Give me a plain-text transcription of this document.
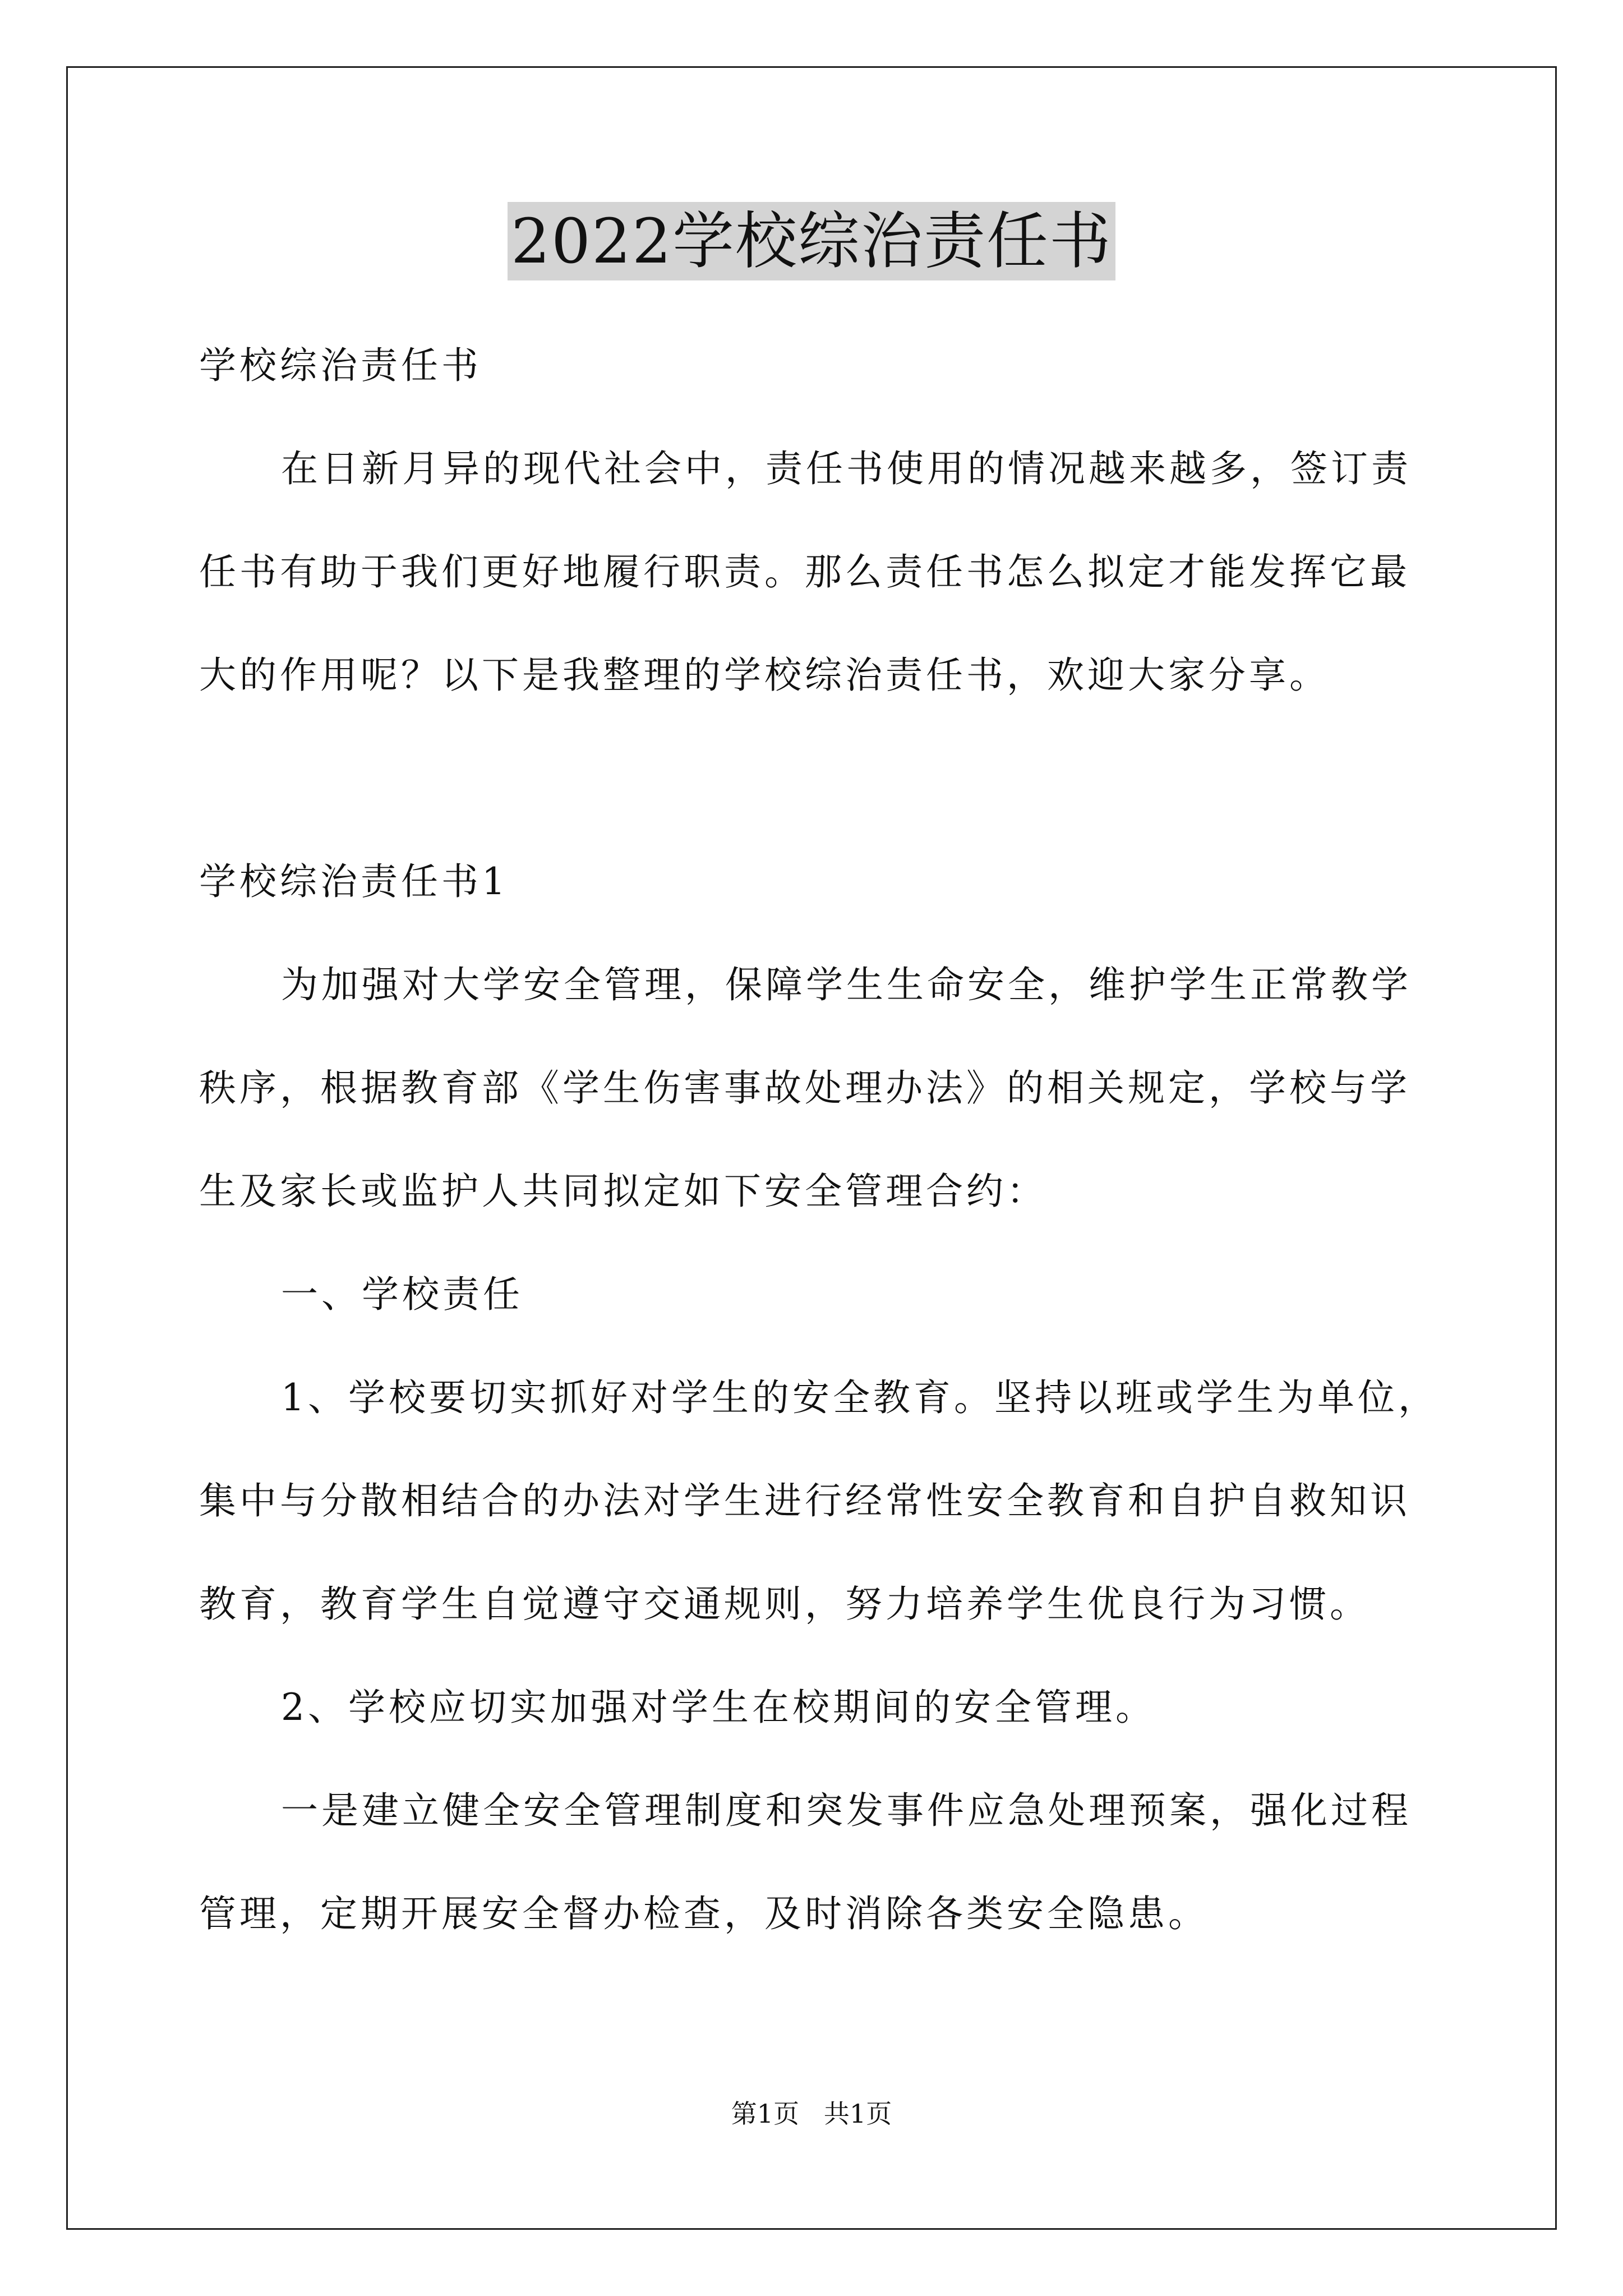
2022学校综治责任书
学校综治责任书
在日新月异的现代社会中，责任书使用的情况越来越多，签订责
任书有助于我们更好地履行职责。那么责任书怎么拟定才能发挥它最
大的作用呢？以下是我整理的学校综治责任书，欢迎大家分享。
学校综治责任书1
为加强对大学安全管理，保障学生生命安全，维护学生正常教学
秩序，根据教育部《学生伤害事故处理办法》的相关规定，学校与学
生及家长或监护人共同拟定如下安全管理合约：
一、学校责任
1、学校要切实抓好对学生的安全教育。坚持以班或学生为单位，
集中与分散相结合的办法对学生进行经常性安全教育和自护自救知识
教育，教育学生自觉遵守交通规则，努力培养学生优良行为习惯。
2、学校应切实加强对学生在校期间的安全管理。
一是建立健全安全管理制度和突发事件应急处理预案，强化过程
管理，定期开展安全督办检查，及时消除各类安全隐患。
第1页   共1页
